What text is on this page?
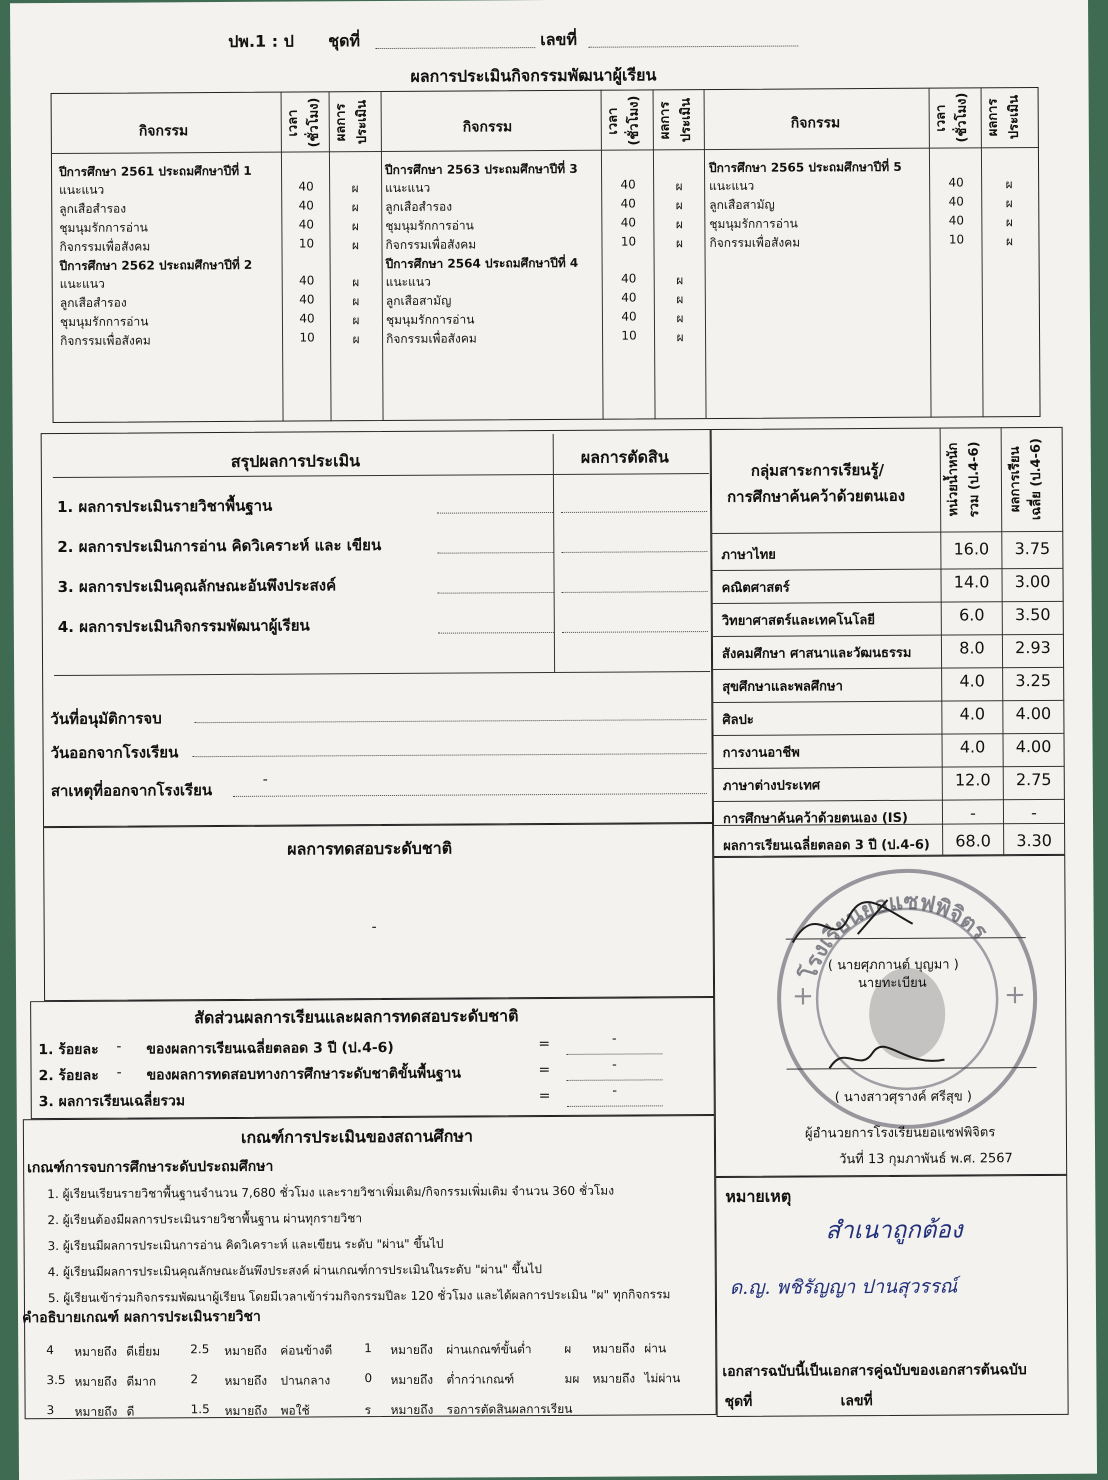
ปพ.1 : ป ชุดที่	เลขที่
ผลการประเมินกิจกรรมพัฒนาผู้เรียน
กิจกรรม	เวลา (ชั่วโมง) ผลการประเมิน	กิจกรรม	เวลา (ชั่วโมง)	ผลการประเมิน	กิจกรรม	เวลา (ชั่วโมง)	ผลการประเมิน
ปีการศึกษา 2561 ประถมศึกษาปีที่ 1
แนะแนว	40	ผ
ลูกเสือสำรอง	40	ผ
ชุมนุมรักการอ่าน	40	ผ
กิจกรรมเพื่อสังคม	10	ผ
ปีการศึกษา 2562 ประถมศึกษาปีที่ 2
แนะแนว	40	ผ
ลูกเสือสำรอง	40	ผ
ชุมนุมรักการอ่าน	40	ผ
กิจกรรมเพื่อสังคม	10	ผ
ปีการศึกษา 2563 ประถมศึกษาปีที่ 3
แนะแนว	40	ผ
ลูกเสือสำรอง	40	ผ
ชุมนุมรักการอ่าน	40	ผ
กิจกรรมเพื่อสังคม	10	ผ
ปีการศึกษา 2564 ประถมศึกษาปีที่ 4
แนะแนว	40	ผ
ลูกเสือสามัญ	40	ผ
ชุมนุมรักการอ่าน	40	ผ
กิจกรรมเพื่อสังคม	10	ผ
ปีการศึกษา 2565 ประถมศึกษาปีที่ 5
แนะแนว	40	ผ
ลูกเสือสามัญ	40	ผ
ชุมนุมรักการอ่าน	40	ผ
กิจกรรมเพื่อสังคม	10	ผ
สรุปผลการประเมิน	ผลการตัดสิน
1. ผลการประเมินรายวิชาพื้นฐาน
2. ผลการประเมินการอ่าน คิดวิเคราะห์ และ เขียน
3. ผลการประเมินคุณลักษณะอันพึงประสงค์
4. ผลการประเมินกิจกรรมพัฒนาผู้เรียน
วันที่อนุมัติการจบ
วันออกจากโรงเรียน
สาเหตุที่ออกจากโรงเรียน
-
ผลการทดสอบระดับชาติ
-
กลุ่มสาระการเรียนรู้/
การศึกษาค้นคว้าด้วยตนเอง	หน่วยน้ำหนัก รวม (ป.4-6)	ผลการเรียน เฉลี่ย (ป.4-6)
ภาษาไทย	16.0	3.75
คณิตศาสตร์	14.0	3.00
วิทยาศาสตร์และเทคโนโลยี	6.0	3.50
สังคมศึกษา ศาสนาและวัฒนธรรม	8.0	2.93
สุขศึกษาและพลศึกษา	4.0	3.25
ศิลปะ	4.0	4.00
การงานอาชีพ	4.0	4.00
ภาษาต่างประเทศ	12.0	2.75
การศึกษาค้นคว้าด้วยตนเอง (IS)	-	-
ผลการเรียนเฉลี่ยตลอด 3 ปี (ป.4-6)	68.0	3.30
สัดส่วนผลการเรียนและผลการทดสอบระดับชาติ
1. ร้อยละ - ของผลการเรียนเฉลี่ยตลอด 3 ปี (ป.4-6)	=	-
2. ร้อยละ - ของผลการทดสอบทางการศึกษาระดับชาติขั้นพื้นฐาน	=	-
3. ผลการเรียนเฉลี่ยรวม	=	-
เกณฑ์การประเมินของสถานศึกษา
เกณฑ์การจบการศึกษาระดับประถมศึกษา
1. ผู้เรียนเรียนรายวิชาพื้นฐานจำนวน 7,680 ชั่วโมง และรายวิชาเพิ่มเติม/กิจกรรมเพิ่มเติม จำนวน 360 ชั่วโมง
2. ผู้เรียนต้องมีผลการประเมินรายวิชาพื้นฐาน ผ่านทุกรายวิชา
3. ผู้เรียนมีผลการประเมินการอ่าน คิดวิเคราะห์ และเขียน ระดับ "ผ่าน" ขึ้นไป
4. ผู้เรียนมีผลการประเมินคุณลักษณะอันพึงประสงค์ ผ่านเกณฑ์การประเมินในระดับ "ผ่าน" ขึ้นไป
5. ผู้เรียนเข้าร่วมกิจกรรมพัฒนาผู้เรียน โดยมีเวลาเข้าร่วมกิจกรรมปีละ 120 ชั่วโมง และได้ผลการประเมิน "ผ" ทุกกิจกรรม
คำอธิบายเกณฑ์ ผลการประเมินรายวิชา
4 หมายถึง ดีเยี่ยม	2.5 หมายถึง ค่อนข้างดี	1 หมายถึง ผ่านเกณฑ์ขั้นต่ำ	ผ หมายถึง ผ่าน
3.5 หมายถึง ดีมาก	2 หมายถึง ปานกลาง	0 หมายถึง ต่ำกว่าเกณฑ์	มผ หมายถึง ไม่ผ่าน
3 หมายถึง ดี	1.5 หมายถึง พอใช้	ร หมายถึง รอการตัดสินผลการเรียน
โรงเรียนยอแซฟพิจิตร
+	+
( นายศุภกานต์ บุญมา )
นายทะเบียน
( นางสาวศุรางค์ ศรีสุข )
ผู้อำนวยการโรงเรียนยอแซฟพิจิตร
วันที่ 13 กุมภาพันธ์ พ.ศ. 2567
หมายเหตุ
สำเนาถูกต้อง
ด.ญ. พชิรัญญา ปานสุวรรณ์
เอกสารฉบับนี้เป็นเอกสารคู่ฉบับของเอกสารต้นฉบับ
ชุดที่	เลขที่
